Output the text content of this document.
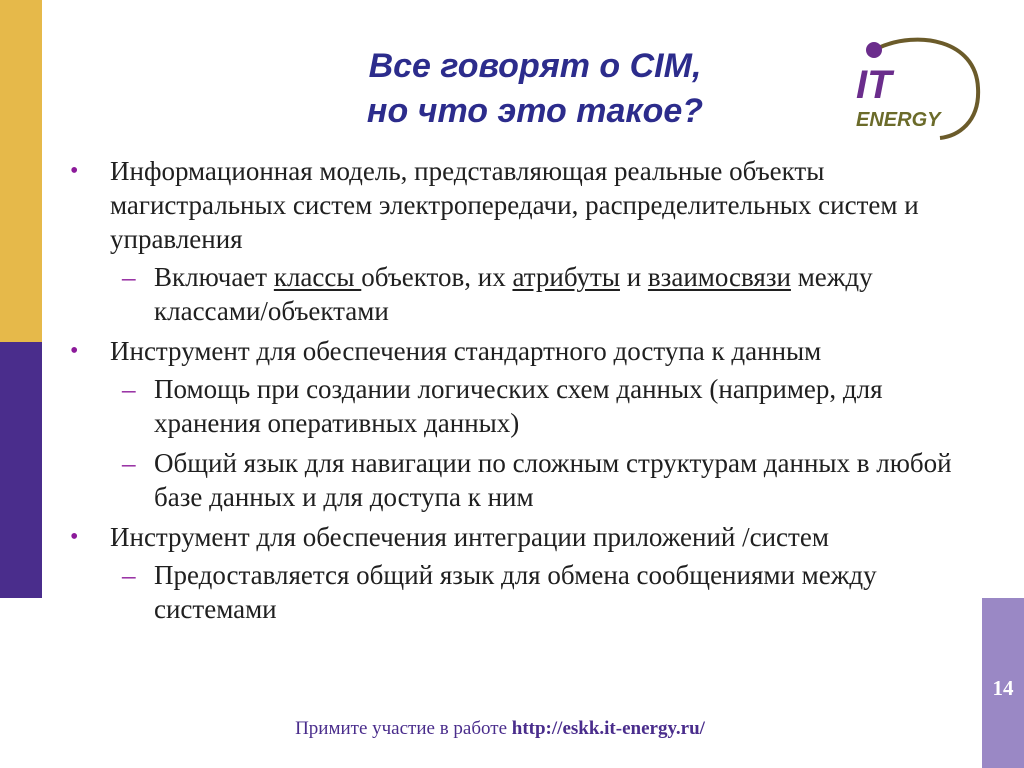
14
Все говорят о CIM,
но что это такое?
IT
ENERGY
• Информационная модель, представляющая реальные объекты магистральных систем электропередачи, распределительных систем и управления
– Включает классы объектов, их атрибуты и взаимосвязи между классами/объектами
• Инструмент для обеспечения стандартного доступа к данным
– Помощь при создании логических схем данных (например, для хранения оперативных данных)
– Общий язык для навигации по сложным структурам данных в любой базе данных и для доступа к ним
• Инструмент для обеспечения интеграции приложений /систем
– Предоставляется общий язык для обмена сообщениями между системами
Примите участие в работе http://eskk.it-energy.ru/
